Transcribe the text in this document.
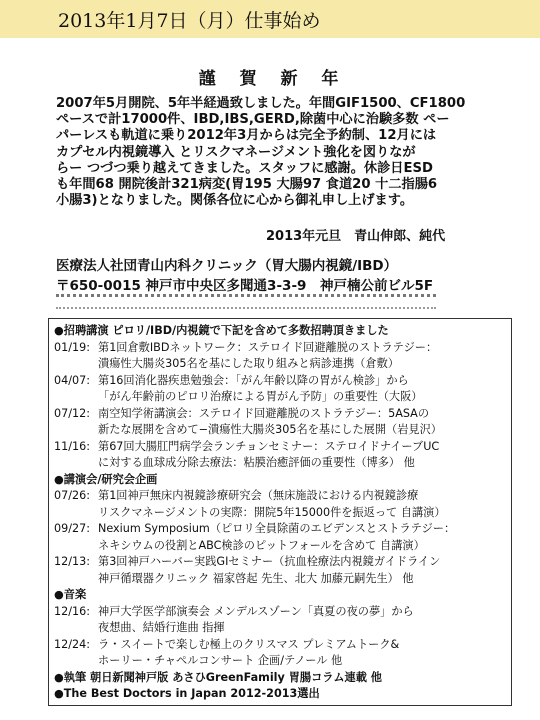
2013年1月7日（月）仕事始め
謹 賀 新 年
2007年5月開院、5年半経過致しました。年間GIF1500、CF1800
ペースで計17000件、IBD,IBS,GERD,除菌中心に治験多数 ペー
パーレスも軌道に乗り2012年3月からは完全予約制、12月には
カプセル内視鏡導入 とリスクマネージメント強化を図りなが
らー つづつ乗り越えてきました。スタッフに感謝。休診日ESD
も年間68 開院後計321病変(胃195 大腸97 食道20 十二指腸6
小腸3)となりました。関係各位に心から御礼申し上げます。
2013年元旦　青山伸郎、純代
医療法人社団青山内科クリニック（胃大腸内視鏡/IBD）
〒650-0015 神戸市中央区多聞通3-3-9　神戸楠公前ビル5F
●招聘講演 ピロリ/IBD/内視鏡で下記を含めて多数招聘頂きました
01/19: 第1回倉敷IBDネットワーク：ステロイド回避離脱のストラテジー：
潰瘍性大腸炎305名を基にした取り組みと病診連携（倉敷）
04/07: 第16回消化器疾患勉強会：「がん年齢以降の胃がん検診」から
「がん年齢前のピロリ治療による胃がん予防」の重要性（大阪）
07/12: 南空知学術講演会：ステロイド回避離脱のストラテジー：5ASAの
新たな展開を含めて−潰瘍性大腸炎305名を基にした展開（岩見沢）
11/16: 第67回大腸肛門病学会ランチョンセミナー：ステロイドナイーブUC
に対する血球成分除去療法：粘膜治癒評価の重要性（博多） 他
●講演会/研究会企画
07/26: 第1回神戸無床内視鏡診療研究会（無床施設における内視鏡診療
リスクマネージメントの実際：開院5年15000件を振返って 自講演）
09/27: Nexium Symposium（ピロリ全員除菌のエビデンスとストラテジー：
ネキシウムの役割とABC検診のピットフォールを含めて 自講演）
12/13: 第3回神戸ハーバー実践GIセミナー（抗血栓療法内視鏡ガイドライン
神戸循環器クリニック 福家啓起 先生、北大 加藤元嗣先生） 他
●音楽
12/16: 神戸大学医学部演奏会 メンデルスゾーン「真夏の夜の夢」から
夜想曲、結婚行進曲 指揮
12/24: ラ・スイートで楽しむ極上のクリスマス プレミアムトーク&
ホーリー・チャペルコンサート 企画/テノール 他
●執筆 朝日新聞神戸版 あさひGreenFamily 胃腸コラム連載 他
●The Best Doctors in Japan 2012-2013選出
